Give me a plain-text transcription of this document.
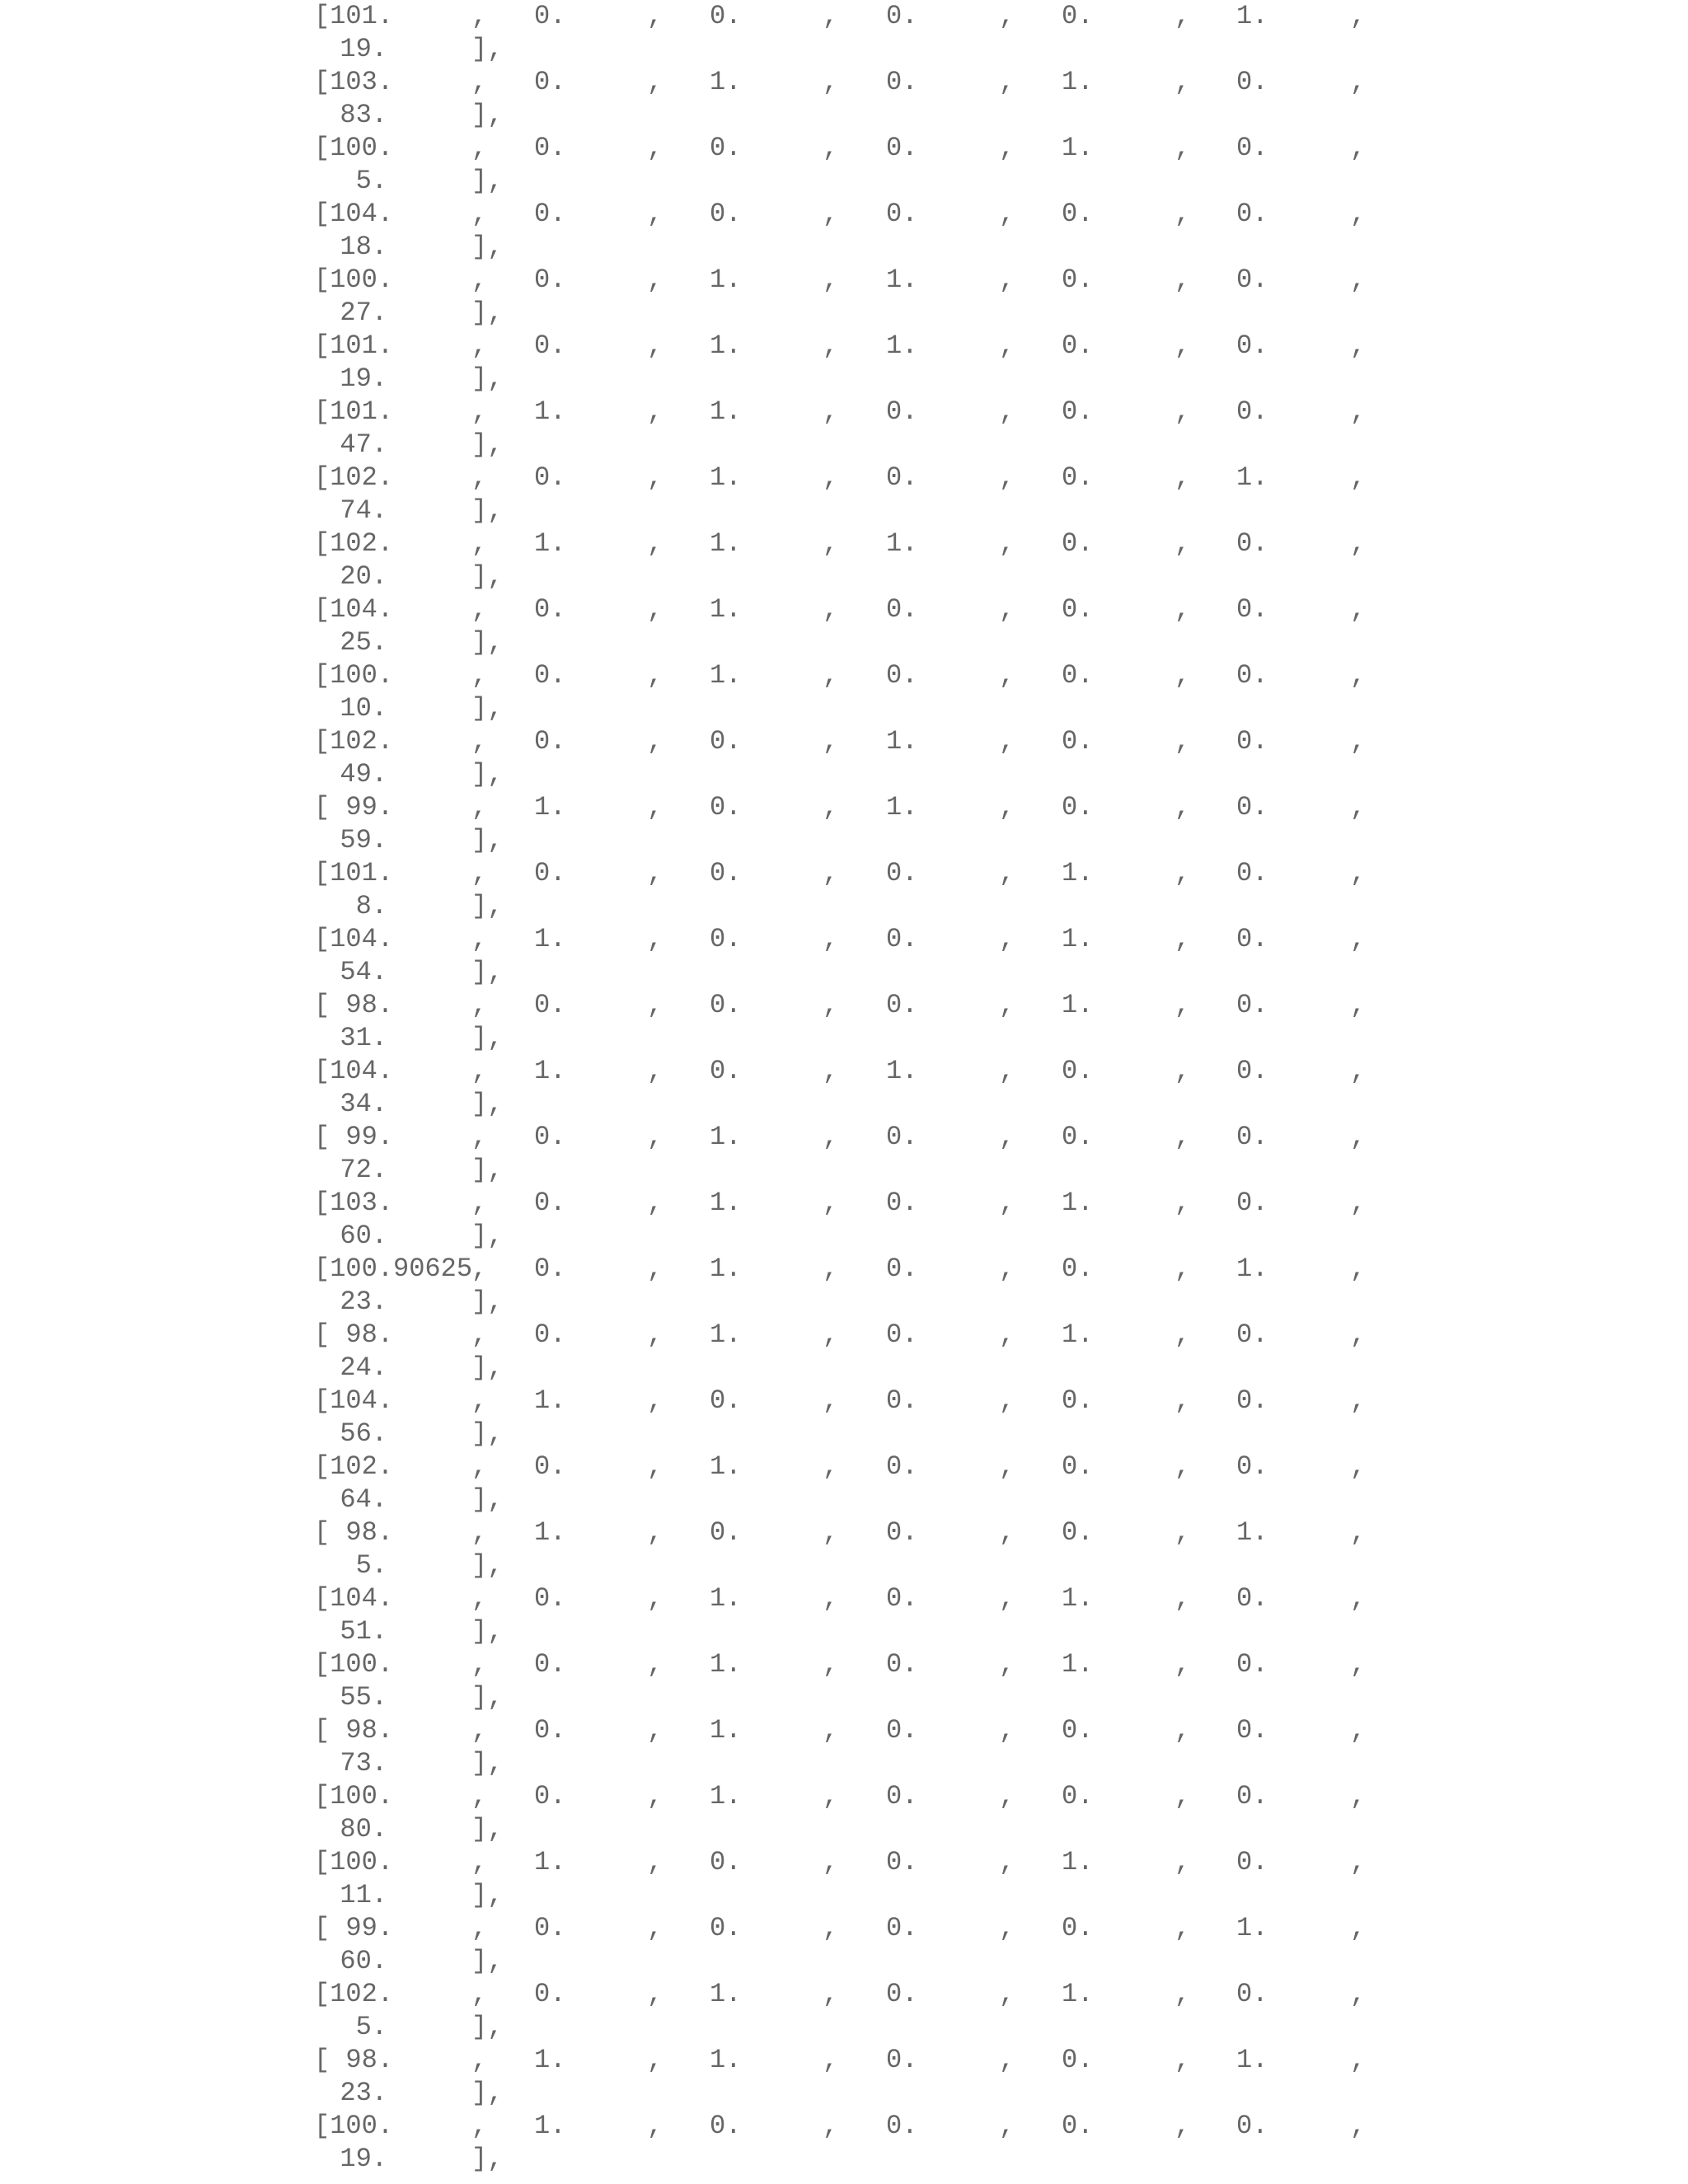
[101.	, 0.	, 0.	, 0.	, 0.	, 1.	,
19.	],
[103.	, 0.	, 1.	, 0.	, 1.	, 0.	,
83.	],
[100.	, 0.	, 0.	, 0.	, 1.	, 0.	,
5.	],
[104.	, 0.	, 0.	, 0.	, 0.	, 0.	,
18.	],
[100.	, 0.	, 1.	, 1.	, 0.	, 0.	,
27.	],
[101.	, 0.	, 1.	, 1.	, 0.	, 0.	,
19.	],
[101.	, 1.	, 1.	, 0.	, 0.	, 0.	,
47.	],
[102.	, 0.	, 1.	, 0.	, 0.	, 1.	,
74.	],
[102.	, 1.	, 1.	, 1.	, 0.	, 0.	,
20.	],
[104.	, 0.	, 1.	, 0.	, 0.	, 0.	,
25.	],
[100.	, 0.	, 1.	, 0.	, 0.	, 0.	,
10.	],
[102.	, 0.	, 0.	, 1.	, 0.	, 0.	,
49.	],
[ 99.	, 1.	, 0.	, 1.	, 0.	, 0.	,
59.	],
[101.	, 0.	, 0.	, 0.	, 1.	, 0.	,
8.	],
[104.	, 1.	, 0.	, 0.	, 1.	, 0.	,
54.	],
[ 98.	, 0.	, 0.	, 0.	, 1.	, 0.	,
31.	],
[104.	, 1.	, 0.	, 1.	, 0.	, 0.	,
34.	],
[ 99.	, 0.	, 1.	, 0.	, 0.	, 0.	,
72.	],
[103.	, 0.	, 1.	, 0.	, 1.	, 0.	,
60.	],
[100.90625
, 0.	, 1.	, 0.	, 0.	, 1.	,
23.	],
[ 98.	, 0.	, 1.	, 0.	, 1.	, 0.	,
24.	],
[104.	, 1.	, 0.	, 0.	, 0.	, 0.	,
56.	],
[102.	, 0.	, 1.	, 0.	, 0.	, 0.	,
64.	],
[ 98.	, 1.	, 0.	, 0.	, 0.	, 1.	,
5.	],
[104.	, 0.	, 1.	, 0.	, 1.	, 0.	,
51.	],
[100.	, 0.	, 1.	, 0.	, 1.	, 0.	,
55.	],
[ 98.	, 0.	, 1.	, 0.	, 0.	, 0.	,
73.	],
[100.	, 0.	, 1.	, 0.	, 0.	, 0.	,
80.	],
[100.	, 1.	, 0.	, 0.	, 1.	, 0.	,
11.	],
[ 99.	, 0.	, 0.	, 0.	, 0.	, 1.	,
60.	],
[102.	, 0.	, 1.	, 0.	, 1.	, 0.	,
5.	],
[ 98.	, 1.	, 1.	, 0.	, 0.	, 1.	,
23.	],
[100.	, 1.	, 0.	, 0.	, 0.	, 0.	,
19.	],
